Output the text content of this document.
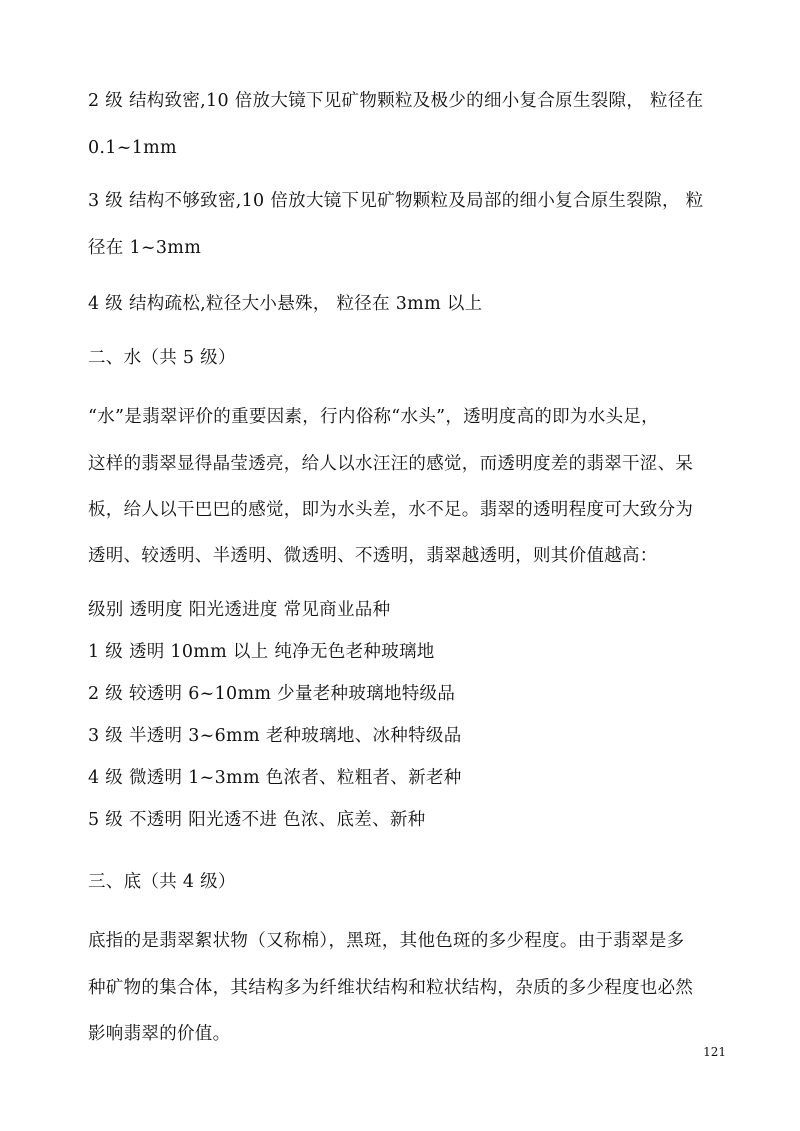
2 级 结构致密,10 倍放大镜下见矿物颗粒及极少的细小复合原生裂隙， 粒径在
0.1~1mm
3 级 结构不够致密,10 倍放大镜下见矿物颗粒及局部的细小复合原生裂隙， 粒
径在 1~3mm
4 级 结构疏松,粒径大小悬殊， 粒径在 3mm 以上
二、水（共 5 级）
“水”是翡翠评价的重要因素，行内俗称“水头”，透明度高的即为水头足，
这样的翡翠显得晶莹透亮，给人以水汪汪的感觉，而透明度差的翡翠干涩、呆
板，给人以干巴巴的感觉，即为水头差，水不足。翡翠的透明程度可大致分为
透明、较透明、半透明、微透明、不透明，翡翠越透明，则其价值越高：
级别 透明度 阳光透进度 常见商业品种
1 级 透明 10mm 以上 纯净无色老种玻璃地
2 级 较透明 6~10mm 少量老种玻璃地特级品
3 级 半透明 3~6mm 老种玻璃地、冰种特级品
4 级 微透明 1~3mm 色浓者、粒粗者、新老种
5 级 不透明 阳光透不进 色浓、底差、新种
三、底（共 4 级）
底指的是翡翠絮状物（又称棉），黑斑，其他色斑的多少程度。由于翡翠是多
种矿物的集合体，其结构多为纤维状结构和粒状结构，杂质的多少程度也必然
影响翡翠的价值。
121
